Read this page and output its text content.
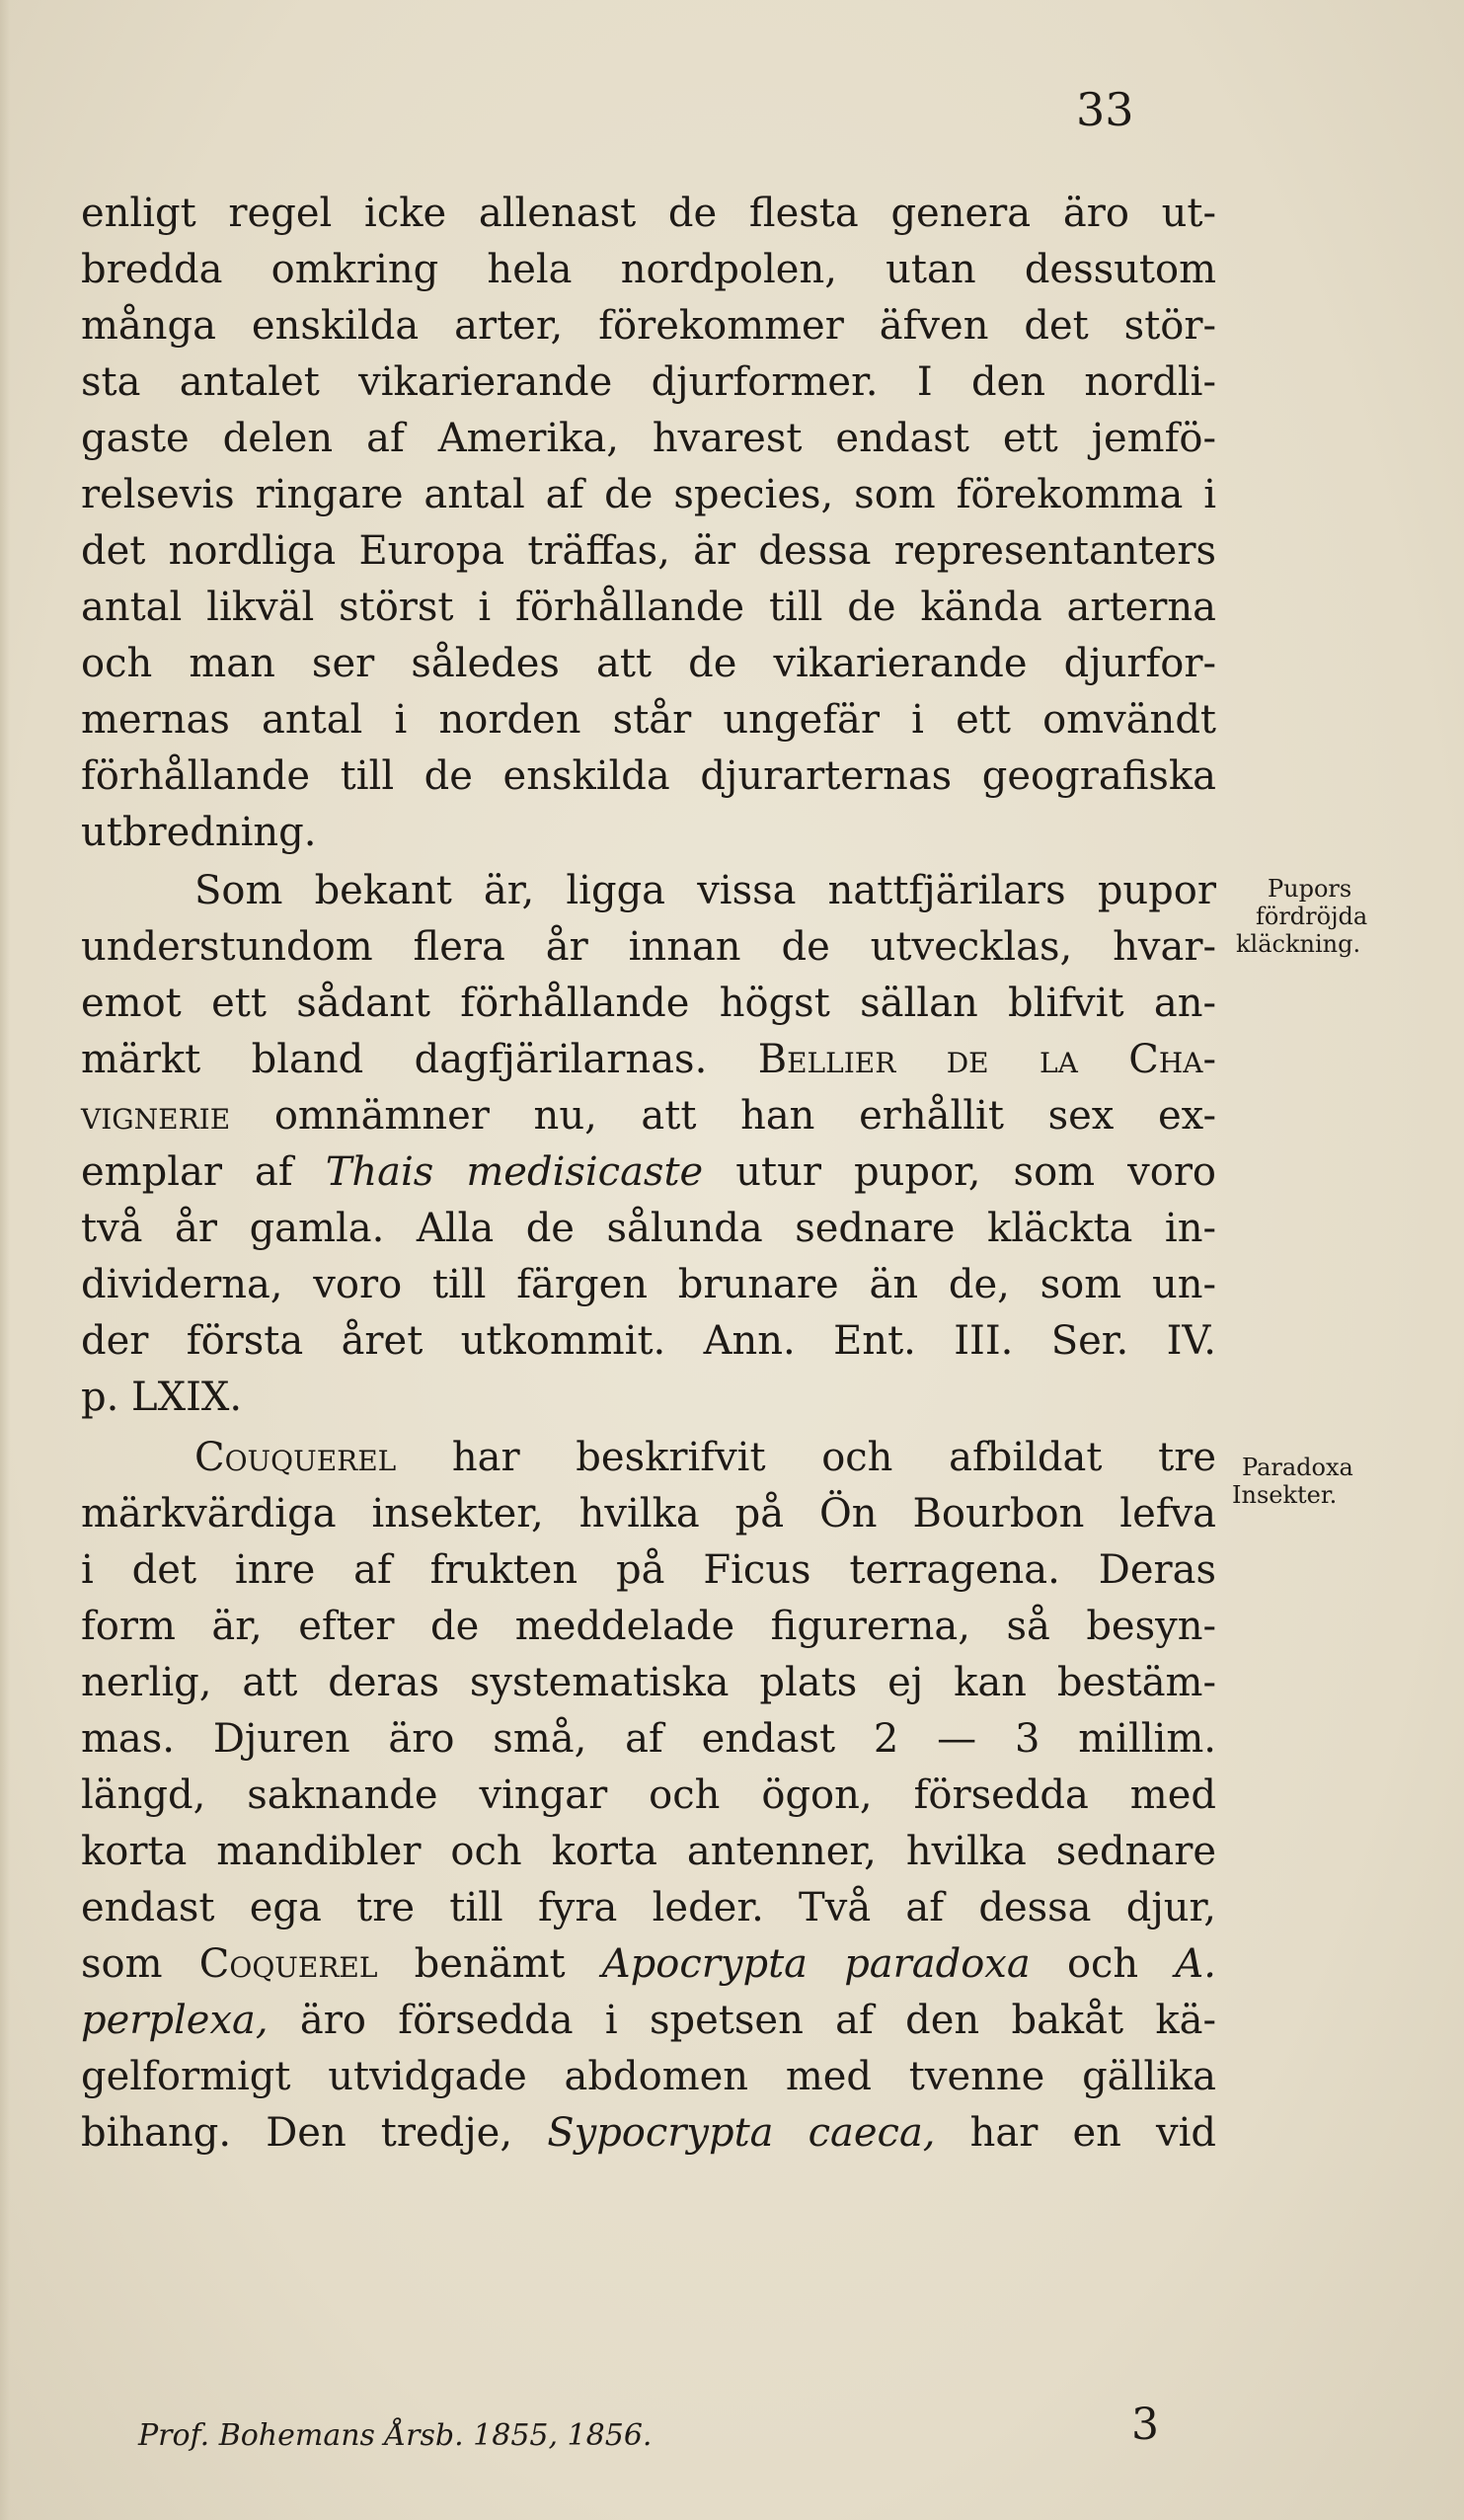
33
enligt regel icke allenast de flesta genera äro ut-
bredda omkring hela nordpolen, utan dessutom
många enskilda arter, förekommer äfven det stör-
sta antalet vikarierande djurformer. I den nordli-
gaste delen af Amerika, hvarest endast ett jemfö-
relsevis ringare antal af de species, som förekomma i
det nordliga Europa träffas, är dessa representanters
antal likväl störst i förhållande till de kända arterna
och man ser således att de vikarierande djurfor-
mernas antal i norden står ungefär i ett omvändt
förhållande till de enskilda djurarternas geografiska
utbredning.
Som bekant är, ligga vissa nattfjärilars pupor
understundom flera år innan de utvecklas, hvar-
emot ett sådant förhållande högst sällan blifvit an-
märkt bland dagfjärilarnas. Bellier de la Cha-
vignerie omnämner nu, att han erhållit sex ex-
emplar af Thais medisicaste utur pupor, som voro
två år gamla. Alla de sålunda sednare kläckta in-
dividerna, voro till färgen brunare än de, som un-
der första året utkommit. Ann. Ent. III. Ser. IV.
p. LXIX.
Pupors
fördröjda
kläckning.
Couquerel har beskrifvit och afbildat tre
märkvärdiga insekter, hvilka på Ön Bourbon lefva
i det inre af frukten på Ficus terragena. Deras
form är, efter de meddelade figurerna, så besyn-
nerlig, att deras systematiska plats ej kan bestäm-
mas. Djuren äro små, af endast 2 — 3 millim.
längd, saknande vingar och ögon, försedda med
korta mandibler och korta antenner, hvilka sednare
endast ega tre till fyra leder. Två af dessa djur,
som Coquerel benämt Apocrypta paradoxa och A.
perplexa, äro försedda i spetsen af den bakåt kä-
gelformigt utvidgade abdomen med tvenne gällika
bihang. Den tredje, Sypocrypta caeca, har en vid
Paradoxa
Insekter.
Prof. Bohemans Årsb. 1855, 1856.	3
